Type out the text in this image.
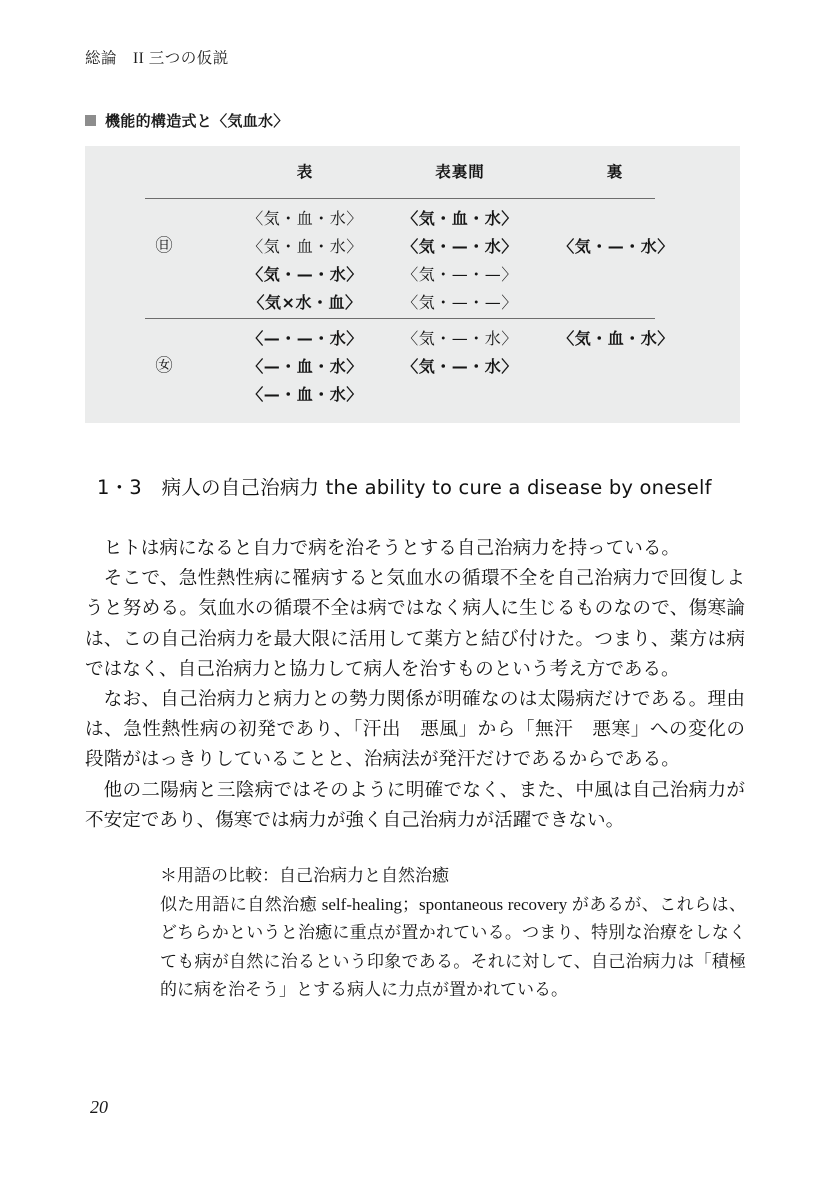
総論　II 三つの仮説
機能的構造式と〈気血水〉
表	表裏間	裏
㊐
〈気・血・水〉	〈気・血・水〉
〈気・血・水〉	〈気・—・水〉	〈気・—・水〉
〈気・—・水〉	〈気・—・—〉
〈気×水・血〉	〈気・—・—〉
㊛
〈—・—・水〉	〈気・—・水〉	〈気・血・水〉
〈—・血・水〉	〈気・—・水〉
〈—・血・水〉
1・3　病人の自己治病力 the ability to cure a disease by oneself

ヒトは病になると自力で病を治そうとする自己治病力を持っている。

そこで、急性熱性病に罹病すると気血水の循環不全を自己治病力で回復しようと努める。気血水の循環不全は病ではなく病人に生じるものなので、傷寒論は、この自己治病力を最大限に活用して薬方と結び付けた。つまり、薬方は病ではなく、自己治病力と協力して病人を治すものという考え方である。

なお、自己治病力と病力との勢力関係が明確なのは太陽病だけである。理由は、急性熱性病の初発であり、「汗出　悪風」から「無汗　悪寒」への変化の段階がはっきりしていることと、治病法が発汗だけであるからである。

他の二陽病と三陰病ではそのように明確でなく、また、中風は自己治病力が不安定であり、傷寒では病力が強く自己治病力が活躍できない。

＊用語の比較：自己治病力と自然治癒

似た用語に自然治癒 self-healing；spontaneous recovery があるが、これらは、どちらかというと治癒に重点が置かれている。つまり、特別な治療をしなくても病が自然に治るという印象である。それに対して、自己治病力は「積極的に病を治そう」とする病人に力点が置かれている。

20
